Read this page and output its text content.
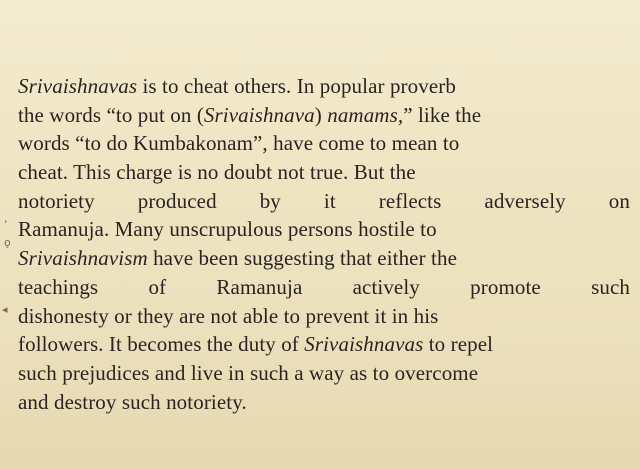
,
ǫ
◂
Srivaishnavas is to cheat others. In popular proverb
the words “to put on (Srivaishnava) namams,” like the
words “to do Kumbakonam”, have come to mean to
cheat. This charge is no doubt not true. But the
notoriety produced by it reflects adversely on
Ramanuja. Many unscrupulous persons hostile to
Srivaishnavism have been suggesting that either the
teachings of Ramanuja actively promote such
dishonesty or they are not able to prevent it in his
followers. It becomes the duty of Srivaishnavas to repel
such prejudices and live in such a way as to overcome
and destroy such notoriety.
